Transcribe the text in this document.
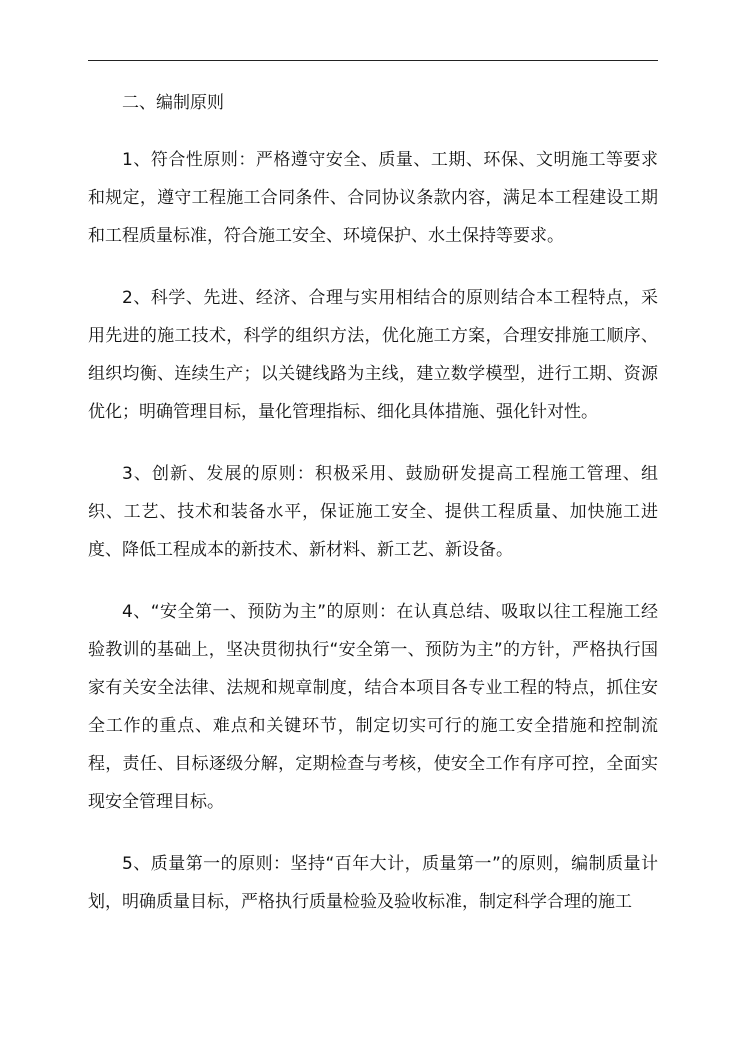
二、编制原则

1、符合性原则：严格遵守安全、质量、工期、环保、文明施工等要求和规定，遵守工程施工合同条件、合同协议条款内容，满足本工程建设工期和工程质量标准，符合施工安全、环境保护、水土保持等要求。

2、科学、先进、经济、合理与实用相结合的原则结合本工程特点，采用先进的施工技术，科学的组织方法，优化施工方案，合理安排施工顺序、组织均衡、连续生产；以关键线路为主线，建立数学模型，进行工期、资源优化；明确管理目标，量化管理指标、细化具体措施、强化针对性。

3、创新、发展的原则：积极采用、鼓励研发提高工程施工管理、组织、工艺、技术和装备水平，保证施工安全、提供工程质量、加快施工进度、降低工程成本的新技术、新材料、新工艺、新设备。

4、“安全第一、预防为主”的原则：在认真总结、吸取以往工程施工经验教训的基础上，坚决贯彻执行“安全第一、预防为主”的方针，严格执行国家有关安全法律、法规和规章制度，结合本项目各专业工程的特点，抓住安全工作的重点、难点和关键环节，制定切实可行的施工安全措施和控制流程，责任、目标逐级分解，定期检查与考核，使安全工作有序可控，全面实现安全管理目标。

5、质量第一的原则：坚持“百年大计，质量第一”的原则，编制质量计划，明确质量目标，严格执行质量检验及验收标准，制定科学合理的施工
